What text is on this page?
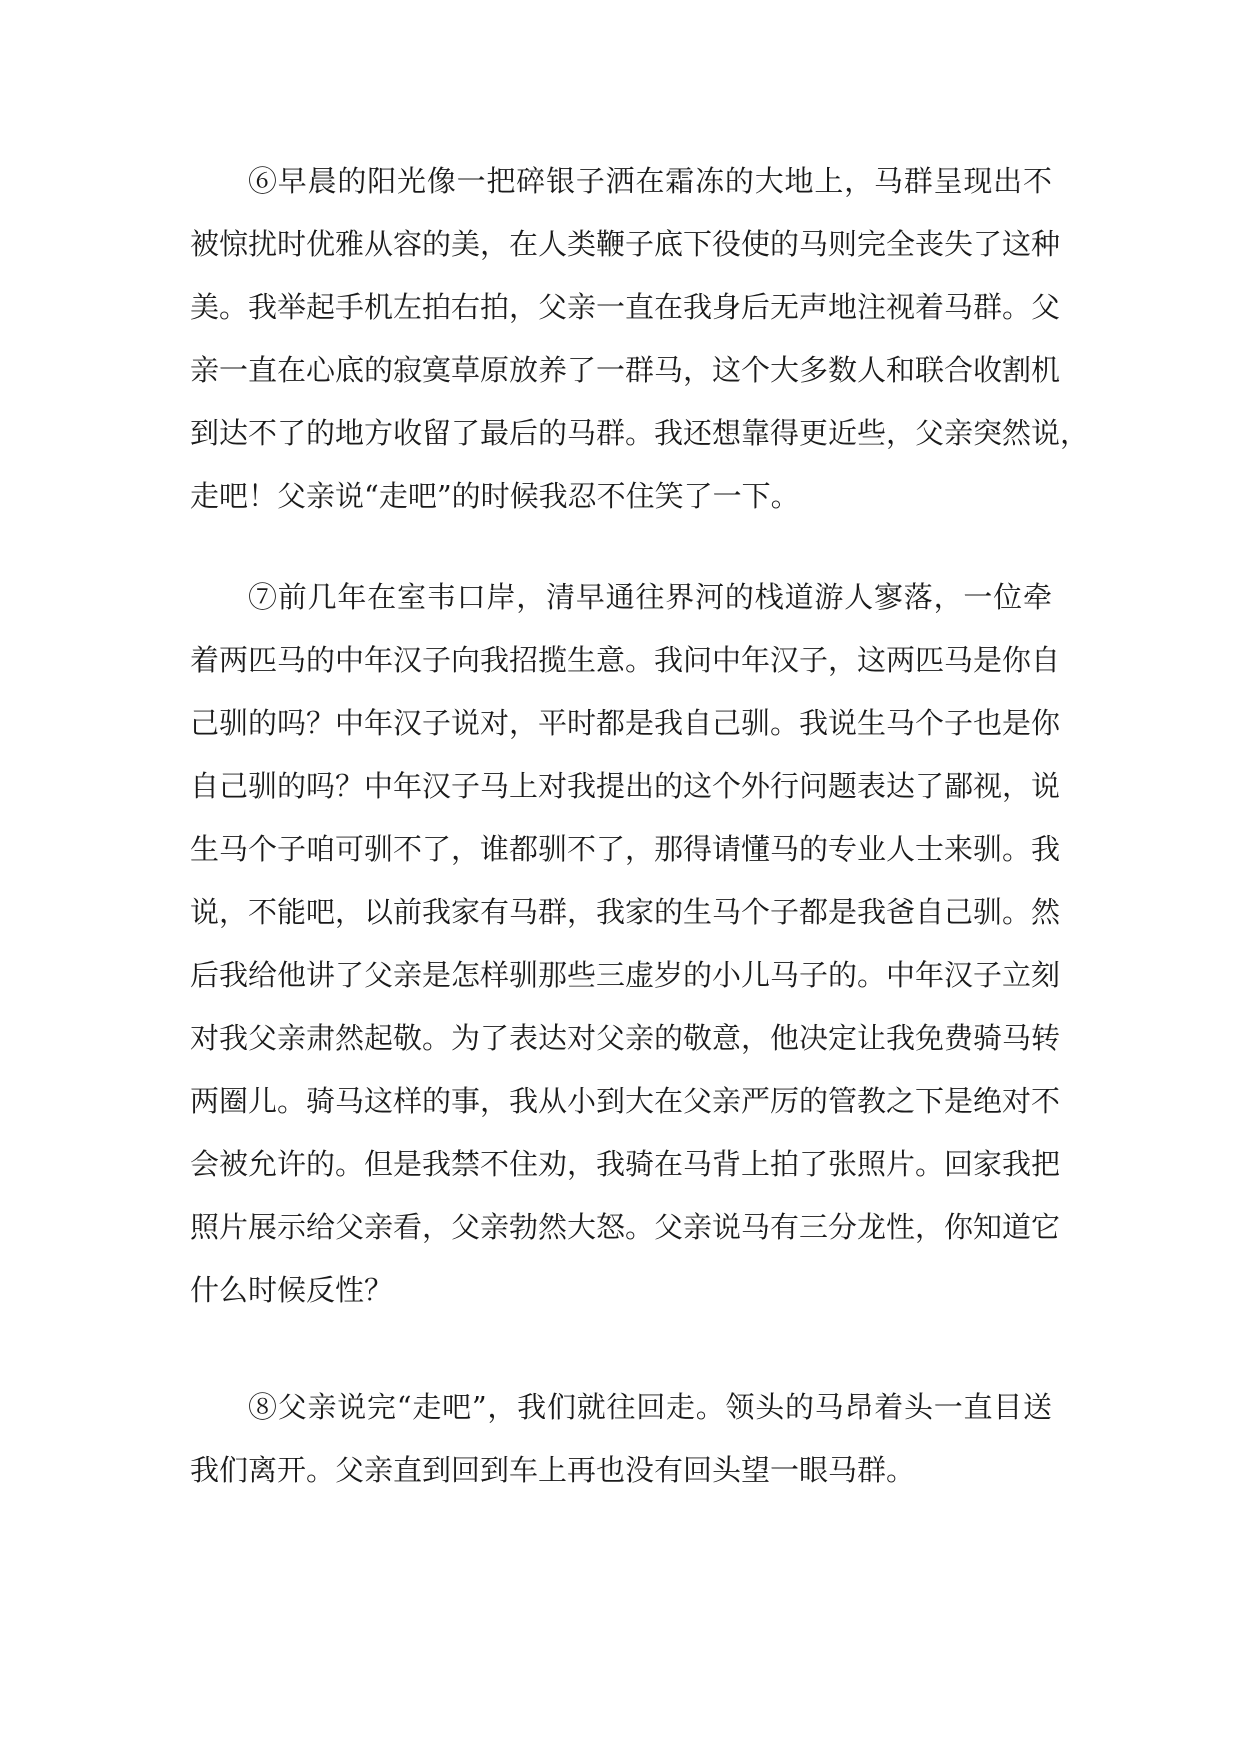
⑥早晨的阳光像一把碎银子洒在霜冻的大地上，马群呈现出不
被惊扰时优雅从容的美，在人类鞭子底下役使的马则完全丧失了这种
美。我举起手机左拍右拍，父亲一直在我身后无声地注视着马群。父
亲一直在心底的寂寞草原放养了一群马，这个大多数人和联合收割机
到达不了的地方收留了最后的马群。我还想靠得更近些，父亲突然说，
走吧！父亲说“走吧”的时候我忍不住笑了一下。
⑦前几年在室韦口岸，清早通往界河的栈道游人寥落，一位牵
着两匹马的中年汉子向我招揽生意。我问中年汉子，这两匹马是你自
己驯的吗？中年汉子说对，平时都是我自己驯。我说生马个子也是你
自己驯的吗？中年汉子马上对我提出的这个外行问题表达了鄙视，说
生马个子咱可驯不了，谁都驯不了，那得请懂马的专业人士来驯。我
说，不能吧，以前我家有马群，我家的生马个子都是我爸自己驯。然
后我给他讲了父亲是怎样驯那些三虚岁的小儿马子的。中年汉子立刻
对我父亲肃然起敬。为了表达对父亲的敬意，他决定让我免费骑马转
两圈儿。骑马这样的事，我从小到大在父亲严厉的管教之下是绝对不
会被允许的。但是我禁不住劝，我骑在马背上拍了张照片。回家我把
照片展示给父亲看，父亲勃然大怒。父亲说马有三分龙性，你知道它
什么时候反性？
⑧父亲说完“走吧”，我们就往回走。领头的马昂着头一直目送
我们离开。父亲直到回到车上再也没有回头望一眼马群。
